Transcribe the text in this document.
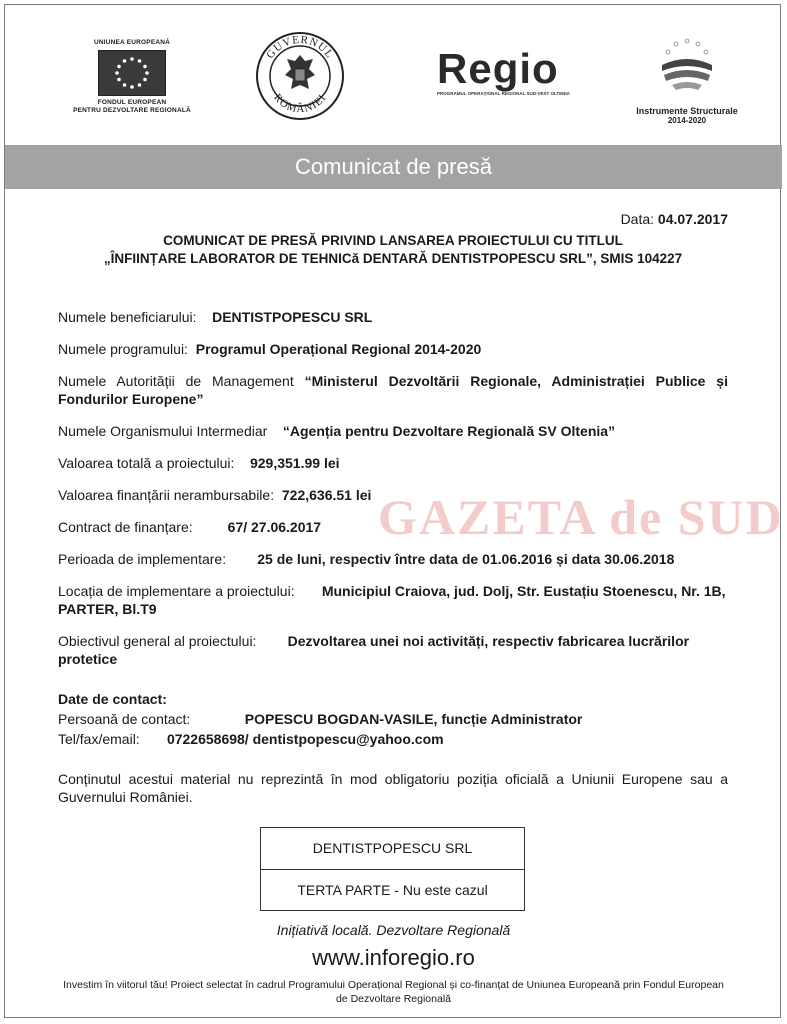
UNIUNEA EUROPEANĂ
FONDUL EUROPEAN
PENTRU DEZVOLTARE REGIONALĂ
GUVERNUL
ROMÂNIEI
Regio
PROGRAMUL OPERAȚIONAL REGIONAL SUD-VEST OLTENIA
Instrumente Structurale
2014-2020
Comunicat de presă
GAZETA de SUD
Data: 04.07.2017
COMUNICAT DE PRESĂ PRIVIND LANSAREA PROIECTULUI CU TITLUL
„ÎNFIINȚARE LABORATOR DE TEHNICă DENTARĂ DENTISTPOPESCU SRL”, SMIS 104227
Numele beneficiarului: DENTISTPOPESCU SRL
Numele programului: Programul Operațional Regional 2014-2020
Numele Autorității de Management “Ministerul Dezvoltării Regionale, Administrației Publice și Fondurilor Europene”
Numele Organismului Intermediar “Agenția pentru Dezvoltare Regională SV Oltenia”
Valoarea totală a proiectului: 929,351.99 lei
Valoarea finanțării nerambursabile: 722,636.51 lei
Contract de finanțare:	67/ 27.06.2017
Perioada de implementare: 25 de luni, respectiv între data de 01.06.2016 și data 30.06.2018
Locația de implementare a proiectului: Municipiul Craiova, jud. Dolj, Str. Eustațiu Stoenescu, Nr. 1B, PARTER, Bl.T9
Obiectivul general al proiectului: Dezvoltarea unei noi activități, respectiv fabricarea lucrărilor protetice
Date de contact:
Persoană de contact:	POPESCU BOGDAN-VASILE, funcție Administrator
Tel/fax/email: 0722658698/ dentistpopescu@yahoo.com
Conținutul acestui material nu reprezintă în mod obligatoriu poziția oficială a Uniunii Europene sau a Guvernului României.
DENTISTPOPESCU SRL
TERTA PARTE - Nu este cazul
Inițiativă locală. Dezvoltare Regională
www.inforegio.ro
Investim în viitorul tău! Proiect selectat în cadrul Programului Operațional Regional și co-finanțat de Uniunea Europeană prin Fondul European de Dezvoltare Regională
